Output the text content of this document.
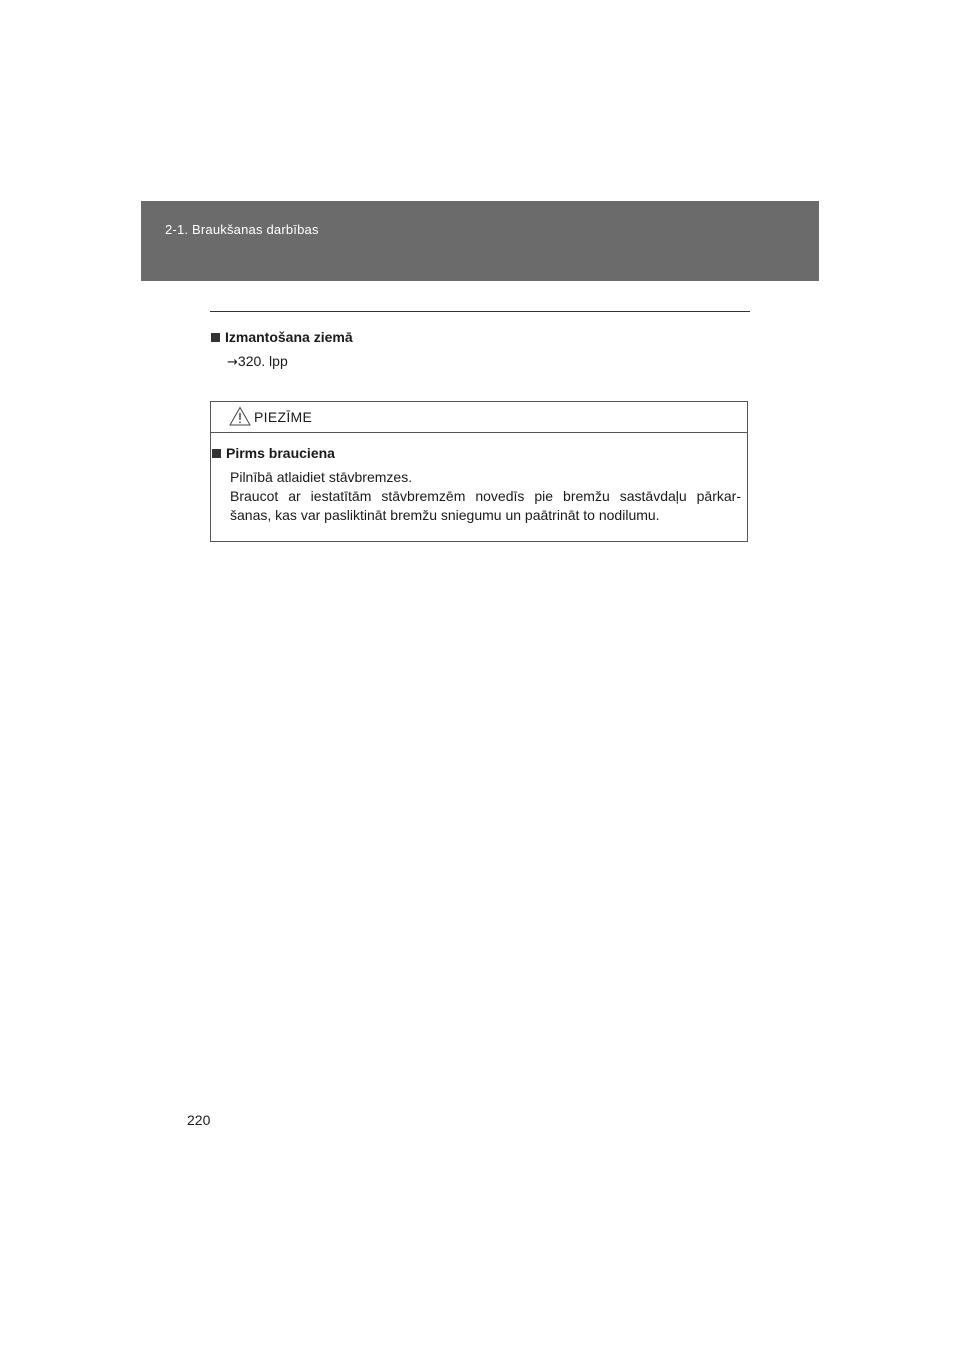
2-1. Braukšanas darbības
Izmantošana ziemā
→320. lpp
PIEZĪME
Pirms brauciena
Pilnībā atlaidiet stāvbremzes.
Braucot ar iestatītām stāvbremzēm novedīs pie bremžu sastāvdaļu pārkar-
šanas, kas var pasliktināt bremžu sniegumu un paātrināt to nodilumu.
220
